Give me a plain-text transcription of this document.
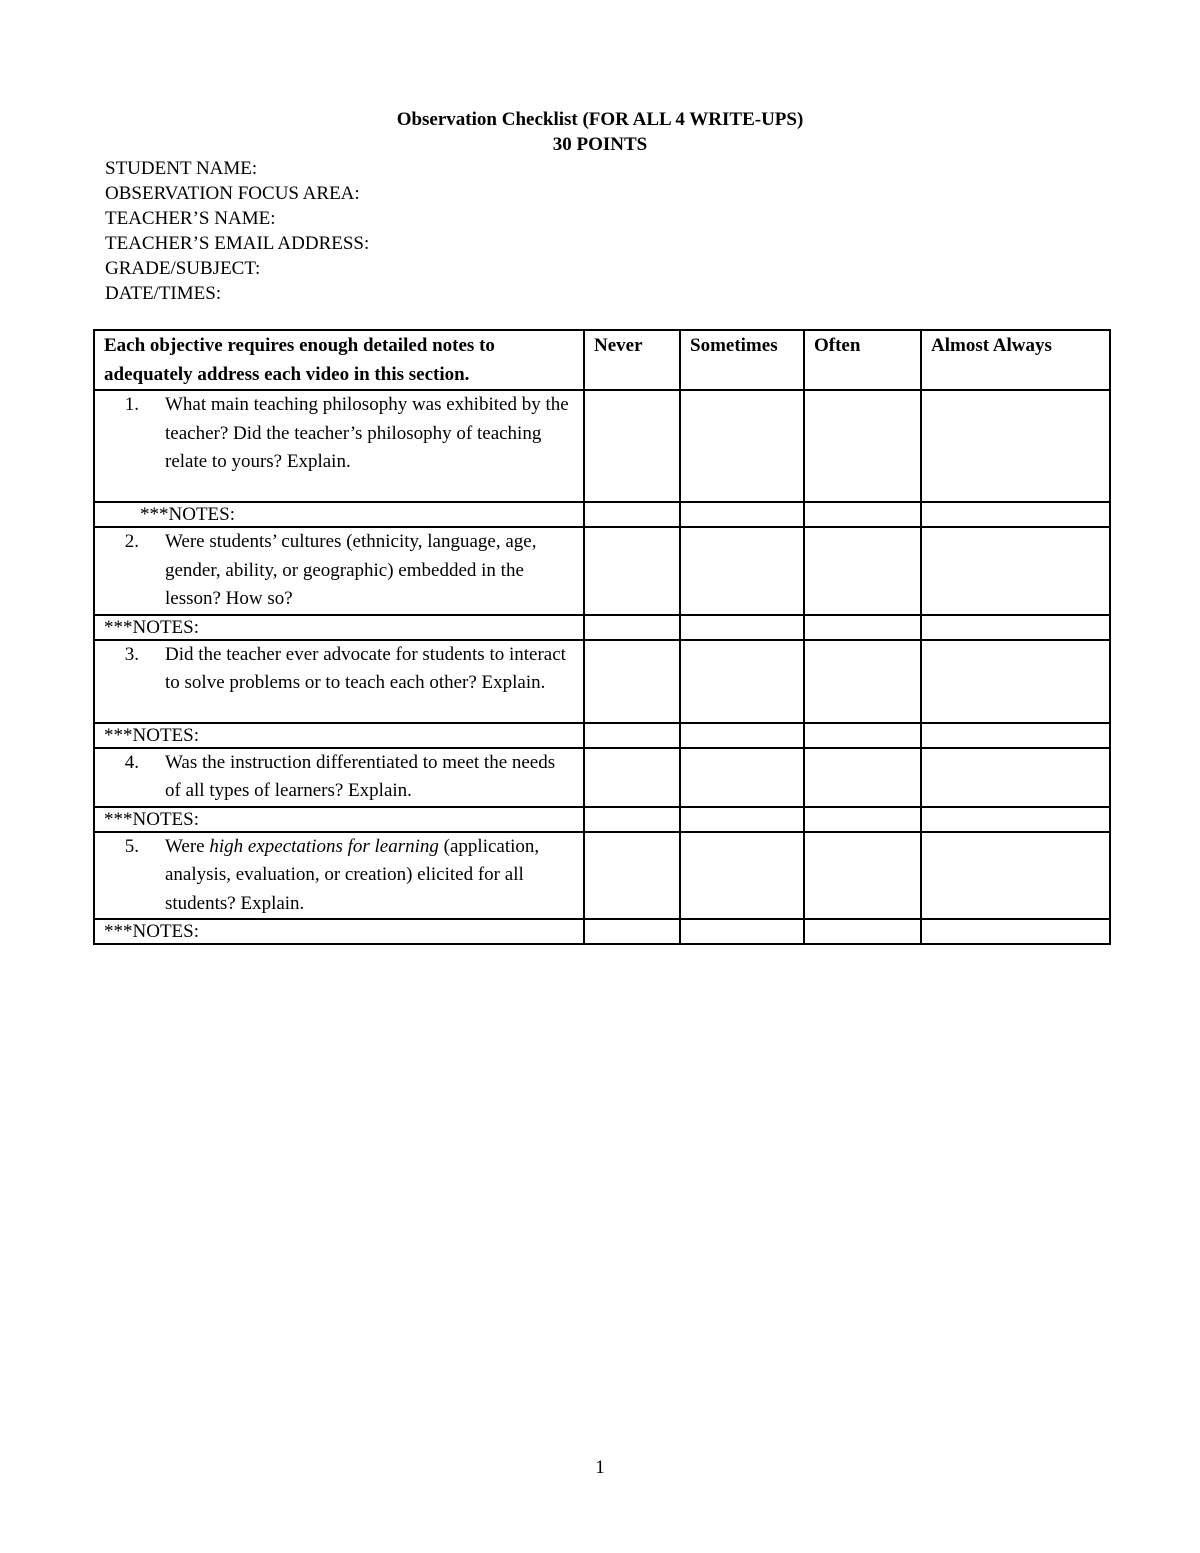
Observation Checklist (FOR ALL 4 WRITE-UPS)
30 POINTS
STUDENT NAME:
OBSERVATION FOCUS AREA:
TEACHER’S NAME:
TEACHER’S EMAIL ADDRESS:
GRADE/SUBJECT:
DATE/TIMES:
Each objective requires enough detailed notes to adequately address each video in this section.	Never	Sometimes	Often	Almost Always

1. What main teaching philosophy was exhibited by the teacher? Did the teacher’s philosophy of teaching relate to yours? Explain.				

***NOTES:				

2. Were students’ cultures (ethnicity, language, age, gender, ability, or geographic) embedded in the lesson? How so?				

***NOTES:				

3. Did the teacher ever advocate for students to interact to solve problems or to teach each other? Explain.				

***NOTES:				

4. Was the instruction differentiated to meet the needs of all types of learners? Explain.				

***NOTES:				

5. Were high expectations for learning (application, analysis, evaluation, or creation) elicited for all students? Explain.				

***NOTES:				
1
